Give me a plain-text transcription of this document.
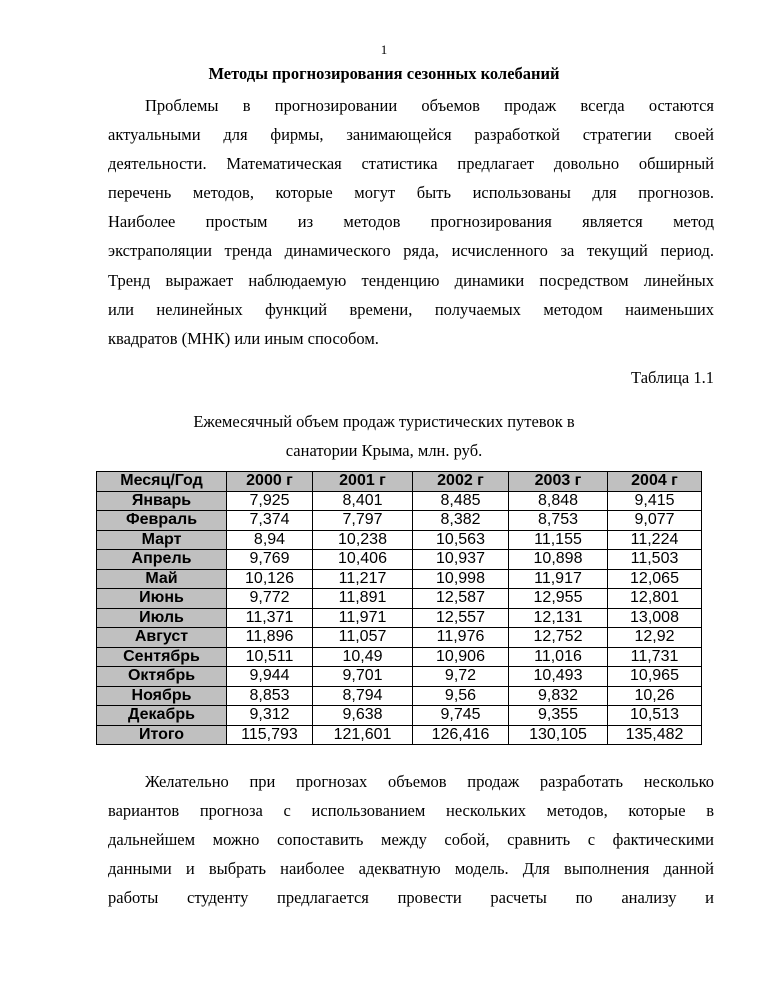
1
Методы прогнозирования сезонных колебаний
Проблемы в прогнозировании объемов продаж всегда остаются
актуальными для фирмы, занимающейся разработкой стратегии своей
деятельности. Математическая статистика предлагает довольно обширный
перечень методов, которые могут быть использованы для прогнозов.
Наиболее простым из методов прогнозирования является метод
экстраполяции тренда динамического ряда, исчисленного за текущий период.
Тренд выражает наблюдаемую тенденцию динамики посредством линейных
или нелинейных функций времени, получаемых методом наименьших
квадратов (МНК) или иным способом.
Таблица 1.1
Ежемесячный объем продаж туристических путевок в
санатории Крыма, млн. руб.
Месяц/Год	2000 г	2001 г	2002 г	2003 г	2004 г
Январь	7,925	8,401	8,485	8,848	9,415
Февраль	7,374	7,797	8,382	8,753	9,077
Март	8,94	10,238	10,563	11,155	11,224
Апрель	9,769	10,406	10,937	10,898	11,503
Май	10,126	11,217	10,998	11,917	12,065
Июнь	9,772	11,891	12,587	12,955	12,801
Июль	11,371	11,971	12,557	12,131	13,008
Август	11,896	11,057	11,976	12,752	12,92
Сентябрь	10,511	10,49	10,906	11,016	11,731
Октябрь	9,944	9,701	9,72	10,493	10,965
Ноябрь	8,853	8,794	9,56	9,832	10,26
Декабрь	9,312	9,638	9,745	9,355	10,513
Итого	115,793	121,601	126,416	130,105	135,482
Желательно при прогнозах объемов продаж разработать несколько
вариантов прогноза с использованием нескольких методов, которые в
дальнейшем можно сопоставить между собой, сравнить с фактическими
данными и выбрать наиболее адекватную модель. Для выполнения данной
работы студенту предлагается провести расчеты по анализу и
